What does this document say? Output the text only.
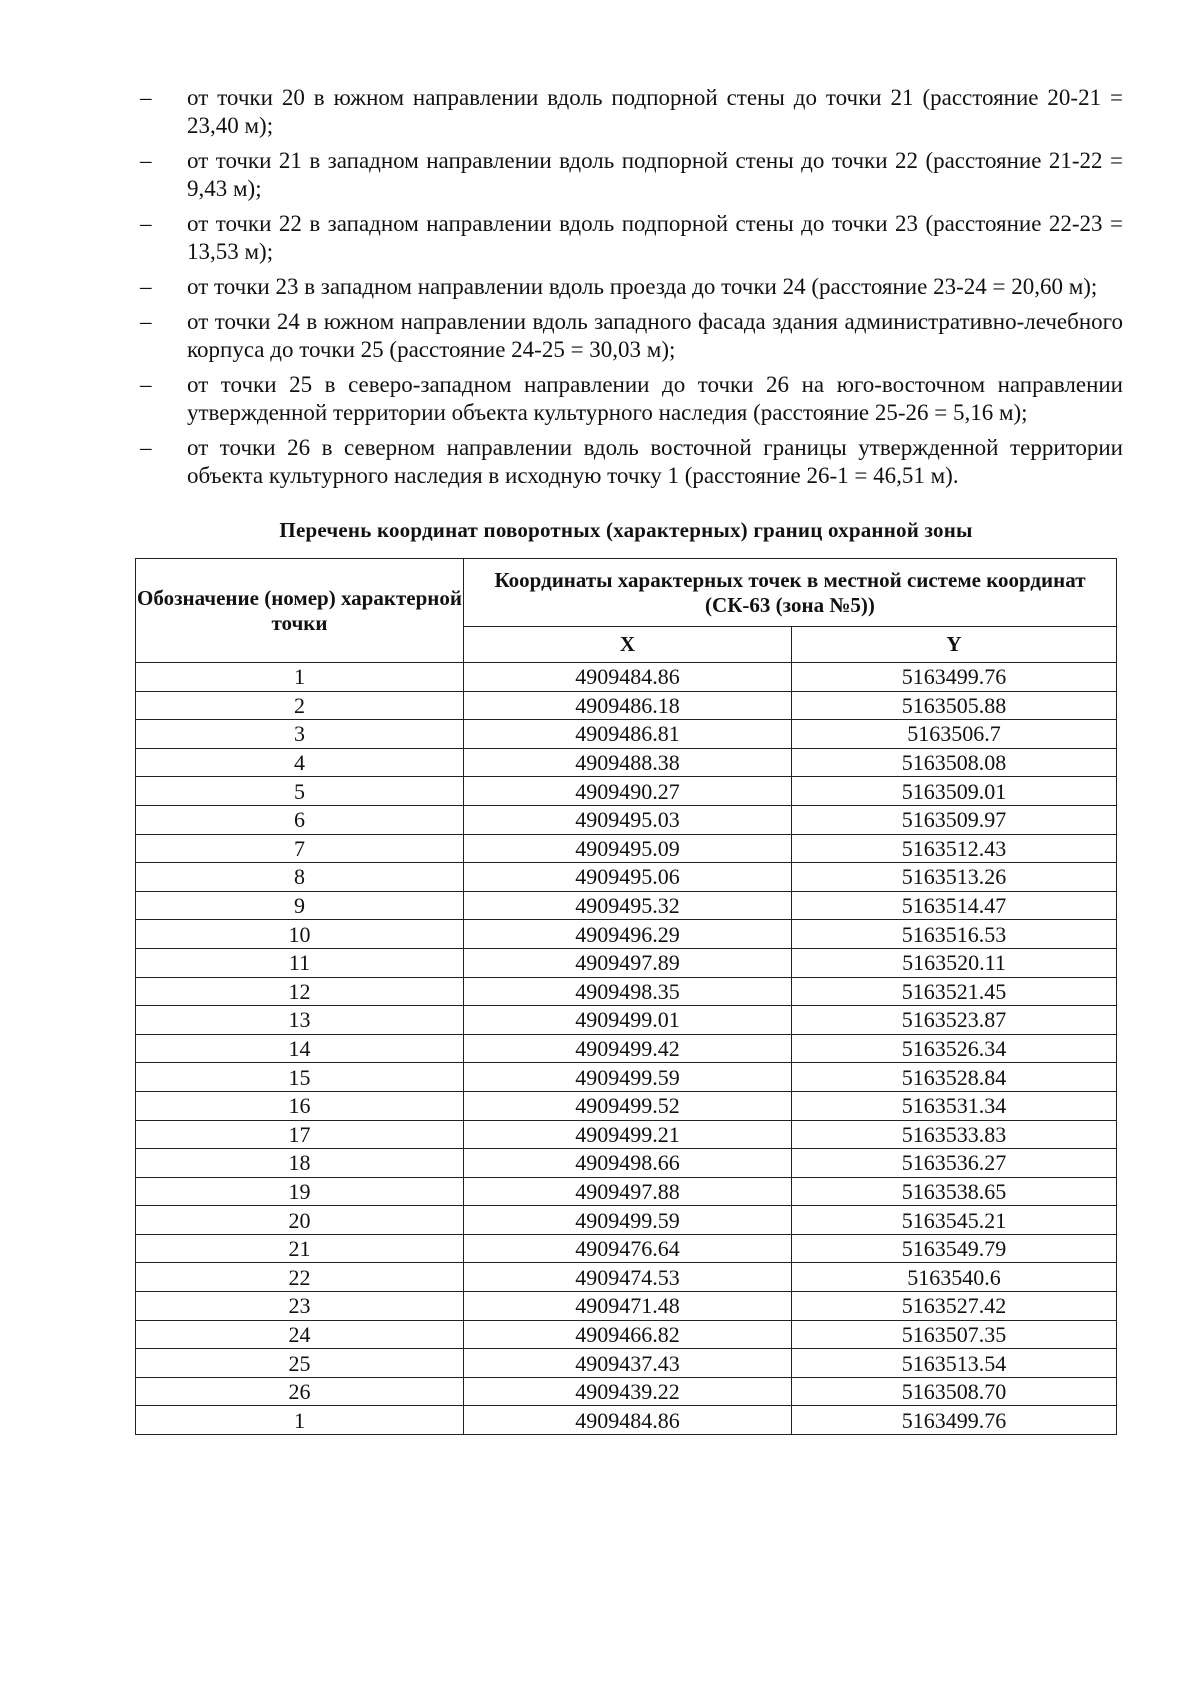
– от точки 20 в южном направлении вдоль подпорной стены до точки 21 (расстояние 20-21 = 23,40 м);
– от точки 21 в западном направлении вдоль подпорной стены до точки 22 (расстояние 21-22 = 9,43 м);
– от точки 22 в западном направлении вдоль подпорной стены до точки 23 (расстояние 22-23 = 13,53 м);
– от точки 23 в западном направлении вдоль проезда до точки 24 (расстояние 23-24 = 20,60 м);
– от точки 24 в южном направлении вдоль западного фасада здания административно-лечебного корпуса до точки 25 (расстояние 24-25 = 30,03 м);
– от точки 25 в северо-западном направлении до точки 26 на юго-восточном направлении утвержденной территории объекта культурного наследия (расстояние 25-26 = 5,16 м);
– от точки 26 в северном направлении вдоль восточной границы утвержденной территории объекта культурного наследия в исходную точку 1 (расстояние 26-1 = 46,51 м).
Перечень координат поворотных (характерных) границ охранной зоны
Обозначение (номер) характерной точки	Координаты характерных точек в местной системе координат (СК-63 (зона №5))	
	X	Y
1	4909484.86	5163499.76
2	4909486.18	5163505.88
3	4909486.81	5163506.7
4	4909488.38	5163508.08
5	4909490.27	5163509.01
6	4909495.03	5163509.97
7	4909495.09	5163512.43
8	4909495.06	5163513.26
9	4909495.32	5163514.47
10	4909496.29	5163516.53
11	4909497.89	5163520.11
12	4909498.35	5163521.45
13	4909499.01	5163523.87
14	4909499.42	5163526.34
15	4909499.59	5163528.84
16	4909499.52	5163531.34
17	4909499.21	5163533.83
18	4909498.66	5163536.27
19	4909497.88	5163538.65
20	4909499.59	5163545.21
21	4909476.64	5163549.79
22	4909474.53	5163540.6
23	4909471.48	5163527.42
24	4909466.82	5163507.35
25	4909437.43	5163513.54
26	4909439.22	5163508.70
1	4909484.86	5163499.76
